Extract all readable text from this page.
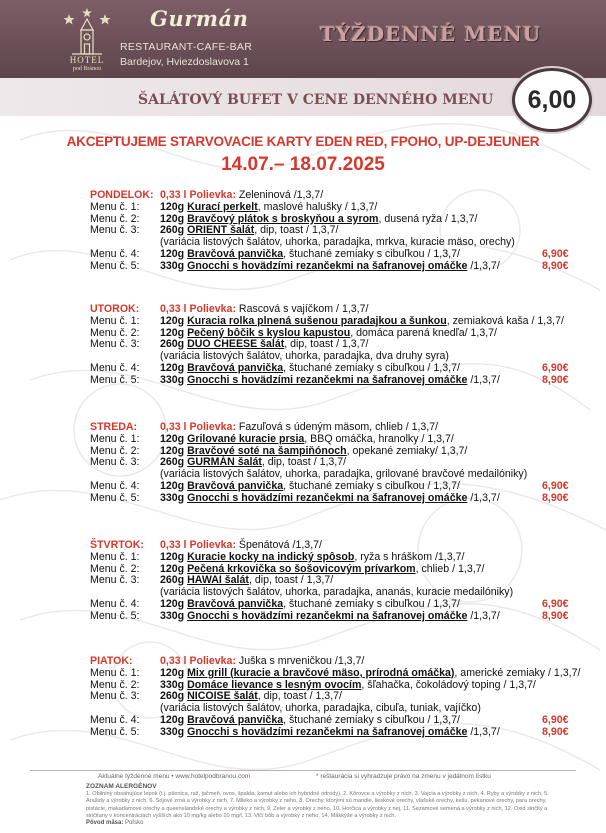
HOTEL
pod Bránou
Gurmán
RESTAURANT-CAFE-BAR
Bardejov, Hviezdoslavova 1
TÝŽDENNÉ MENU
ŠALÁTOVÝ BUFET V CENE DENNÉHO MENU	6,00
AKCEPTUJEME STARVOVACIE KARTY EDEN RED, FPOHO, UP-DEJEUNER
14.07.– 18.07.2025
PONDELOK: 0,33 l Polievka: Zeleninová /1,3,7/
Menu č. 1: 120g Kurací perkelt, maslové halušky / 1,3,7/
Menu č. 2: 120g Bravčový plátok s broskyňou a syrom, dusená ryža / 1,3,7/
Menu č. 3: 260g ORIENT šalát, dip, toast / 1,3,7/
(variácia listových šalátov, uhorka, paradajka, mrkva, kuracie mäso, orechy)
Menu č. 4: 120g Bravčová panvička, štuchané zemiaky s cibuľkou / 1,3,7/	6,90€
Menu č. 5: 330g Gnocchi s hovädzími rezančekmi na šafranovej omáčke /1,3,7/	8,90€
UTOROK: 0,33 l Polievka: Rascová s vajíčkom / 1,3,7/
Menu č. 1: 120g Kuracia rolka plnená sušenou paradajkou a šunkou, zemiaková kaša / 1,3,7/
Menu č. 2: 120g Pečený bôčik s kyslou kapustou, domáca parená knedľa/ 1,3,7/
Menu č. 3: 260g DUO CHEESE šalát, dip, toast / 1,3,7/
(variácia listových šalátov, uhorka, paradajka, dva druhy syra)
Menu č. 4: 120g Bravčová panvička, štuchané zemiaky s cibuľkou / 1,3,7/	6,90€
Menu č. 5: 330g Gnocchi s hovädzími rezančekmi na šafranovej omáčke /1,3,7/	8,90€
STREDA: 0,33 l Polievka: Fazuľová s údeným mäsom, chlieb / 1,3,7/
Menu č. 1: 120g Grilované kuracie prsia, BBQ omáčka, hranolky / 1,3,7/
Menu č. 2: 120g Bravčové soté na šampiňónoch, opekané zemiaky/ 1,3,7/
Menu č. 3: 260g GURMÁN šalát, dip, toast / 1,3,7/
(variácia listových šalátov, uhorka, paradajka, grilované bravčové medailóniky)
Menu č. 4: 120g Bravčová panvička, štuchané zemiaky s cibuľkou / 1,3,7/	6,90€
Menu č. 5: 330g Gnocchi s hovädzími rezančekmi na šafranovej omáčke /1,3,7/	8,90€
ŠTVRTOK: 0,33 l Polievka: Špenátová /1,3,7/
Menu č. 1: 120g Kuracie kocky na indický spôsob, ryža s hráškom /1,3,7/
Menu č. 2: 120g Pečená krkovička so šošovicovým prívarkom, chlieb / 1,3,7/
Menu č. 3: 260g HAWAI šalát, dip, toast / 1,3,7/
(variácia listových šalátov, uhorka, paradajka, ananás, kuracie medailóniky)
Menu č. 4: 120g Bravčová panvička, štuchané zemiaky s cibuľkou / 1,3,7/	6,90€
Menu č. 5: 330g Gnocchi s hovädzími rezančekmi na šafranovej omáčke /1,3,7/	8,90€
PIATOK:	0,33 l Polievka: Juška s mrveničkou /1,3,7/
Menu č. 1: 120g Mix grill (kuracie a bravčové mäso, prírodná omáčka), americké zemiaky / 1,3,7/
Menu č. 2: 330g Domáce lievance s lesným ovocím, šľahačka, čokoládový toping / 1,3,7/
Menu č. 3: 260g NICOISE šalát, dip, toast / 1,3,7/
(variácia listových šalátov, uhorka, paradajka, cibuľa, tuniak, vajíčko)
Menu č. 4: 120g Bravčová panvička, štuchané zemiaky s cibuľkou / 1,3,7/	6,90€
Menu č. 5: 330g Gnocchi s hovädzími rezančekmi na šafranovej omáčke /1,3,7/	8,90€
Aktuálne týždenné menu • www.hotelpodbranou.com	* reštaurácia si vyhradzuje právo na zmenu v jedálnom lístku
ZOZNAM ALERGÉNOV
1. Obilniny obsahujúce lepok (t.j. pšenica, raž, jačmeň, ovos, špalda, kamut alebo ich hybridné odrody), 2. Kôrovce a výrobky z nich, 3. Vajcia a výrobky z nich, 4. Ryby a výrobky z nich, 5. Arašidy a výrobky z nich, 6. Sójové zrná a výrobky z nich, 7. Mlieko a výrobky z neho, 8. Orechy, ktorými sú mandle, lieskové orechy, vlašské orechy, kešu, pekanové orechy, para orechy, pistácie, makadamové orechy a queenslandské orechy a výrobky z nich, 9. Zeler a výrobky z neho, 10. Horčica a výrobky z nej, 11. Sezamové semená a výrobky z nich, 12. Oxid siričitý a siričitany v koncentráciách vyšších ako 10 mg/kg alebo 10 mg/l, 13. Vlčí bôb a výrobky z neho, 14. Mäkkýše a výrobky z nich.
Pôvod mäsa: Poľsko
